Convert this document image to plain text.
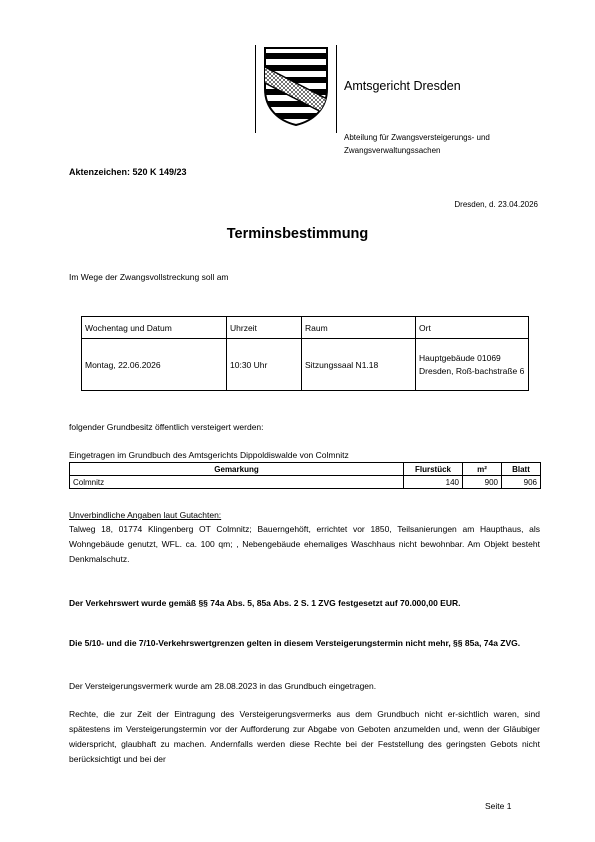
Amtsgericht Dresden
Abteilung für Zwangsversteigerungs- und Zwangsverwaltungssachen
Aktenzeichen: 520 K 149/23
Dresden, d. 23.04.2026
Terminsbestimmung
Im Wege der Zwangsvollstreckung soll am
Wochentag und Datum	Uhrzeit	Raum	Ort
Montag, 22.06.2026	10:30 Uhr	Sitzungssaal N1.18	Hauptgebäude 01069 Dresden, Roß-bachstraße 6
folgender Grundbesitz öffentlich versteigert werden:
Eingetragen im Grundbuch des Amtsgerichts Dippoldiswalde von Colmnitz
Gemarkung	Flurstück	m²	Blatt
Colmnitz	140	900	906
Unverbindliche Angaben laut Gutachten:
Talweg 18, 01774 Klingenberg OT Colmnitz; Bauerngehöft, errichtet vor 1850, Teilsanierungen am Haupthaus, als Wohngebäude genutzt, WFL. ca. 100 qm; , Nebengebäude ehemaliges Waschhaus nicht bewohnbar. Am Objekt besteht Denkmalschutz.
Der Verkehrswert wurde gemäß §§ 74a Abs. 5, 85a Abs. 2 S. 1 ZVG festgesetzt auf 70.000,00 EUR.
Die 5/10- und die 7/10-Verkehrswertgrenzen gelten in diesem Versteigerungstermin nicht mehr, §§ 85a, 74a ZVG.
Der Versteigerungsvermerk wurde am 28.08.2023 in das Grundbuch eingetragen.
Rechte, die zur Zeit der Eintragung des Versteigerungsvermerks aus dem Grundbuch nicht er-sichtlich waren, sind spätestens im Versteigerungstermin vor der Aufforderung zur Abgabe von Geboten anzumelden und, wenn der Gläubiger widerspricht, glaubhaft zu machen. Andernfalls werden diese Rechte bei der Feststellung des geringsten Gebots nicht berücksichtigt und bei der
Seite 1
